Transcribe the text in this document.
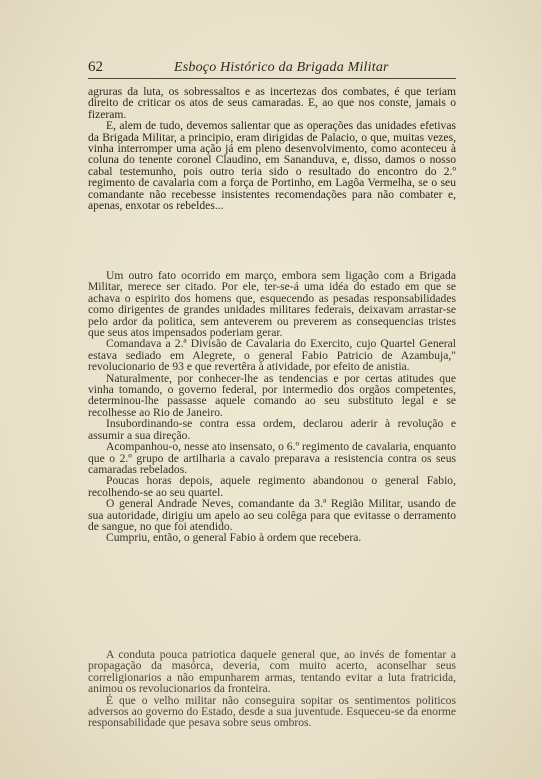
62	Esboço Histórico da Brigada Militar

agruras da luta, os sobressaltos e as incertezas dos combates, é que teriam direito de criticar os atos de seus camaradas. E, ao que nos conste, jamais o fizeram.

E, alem de tudo, devemos salientar que as operações das unidades efetivas da Brigada Militar, a principio, eram dirigidas de Palacio, o que, muitas vezes, vinha interromper uma ação já em pleno desenvolvimento, como aconteceu à coluna do tenente coronel Claudino, em Sananduva, e, disso, damos o nosso cabal testemunho, pois outro teria sido o resultado do encontro do 2.º regimento de cavalaria com a força de Portinho, em Lagôa Vermelha, se o seu comandante não recebesse insistentes recomendações para não combater e, apenas, enxotar os rebeldes...

Um outro fato ocorrido em março, embora sem ligação com a Brigada Militar, merece ser citado. Por ele, ter-se-á uma idéa do estado em que se achava o espirito dos homens que, esquecendo as pesadas responsabilidades como dirigentes de grandes unidades militares federais, deixavam arrastar-se pelo ardor da politica, sem anteverem ou preverem as consequencias tristes que seus atos impensados poderiam gerar.

Comandava a 2.ª Divisão de Cavalaria do Exercito, cujo Quartel General estava sediado em Alegrete, o general Fabio Patricio de Azambuja," revolucionario de 93 e que revertêra à atividade, por efeito de anistia.

Naturalmente, por conhecer-lhe as tendencias e por certas atitudes que vinha tomando, o governo federal, por intermedio dos orgãos competentes, determinou-lhe passasse aquele comando ao seu substituto legal e se recolhesse ao Rio de Janeiro.

Insubordinando-se contra essa ordem, declarou aderir à revolução e assumir a sua direção.

Acompanhou-o, nesse ato insensato, o 6.º regimento de cavalaria, enquanto que o 2.º grupo de artilharia a cavalo preparava a resistencia contra os seus camaradas rebelados.

Poucas horas depois, aquele regimento abandonou o general Fabio, recolhendo-se ao seu quartel.

O general Andrade Neves, comandante da 3.ª Região Militar, usando de sua autoridade, dirigiu um apelo ao seu colêga para que evitasse o derramento de sangue, no que foi atendido.

Cumpriu, então, o general Fabio à ordem que recebera.

A conduta pouca patriotica daquele general que, ao invés de fomentar a propagação da masórca, deveria, com muito acerto, aconselhar seus correligionarios a não empunharem armas, tentando evitar a luta fratricida, animou os revolucionarios da fronteira.

É que o velho militar não conseguira sopitar os sentimentos politicos adversos ao governo do Estado, desde a sua juventude. Esqueceu-se da enorme responsabilidade que pesava sobre seus ombros.
